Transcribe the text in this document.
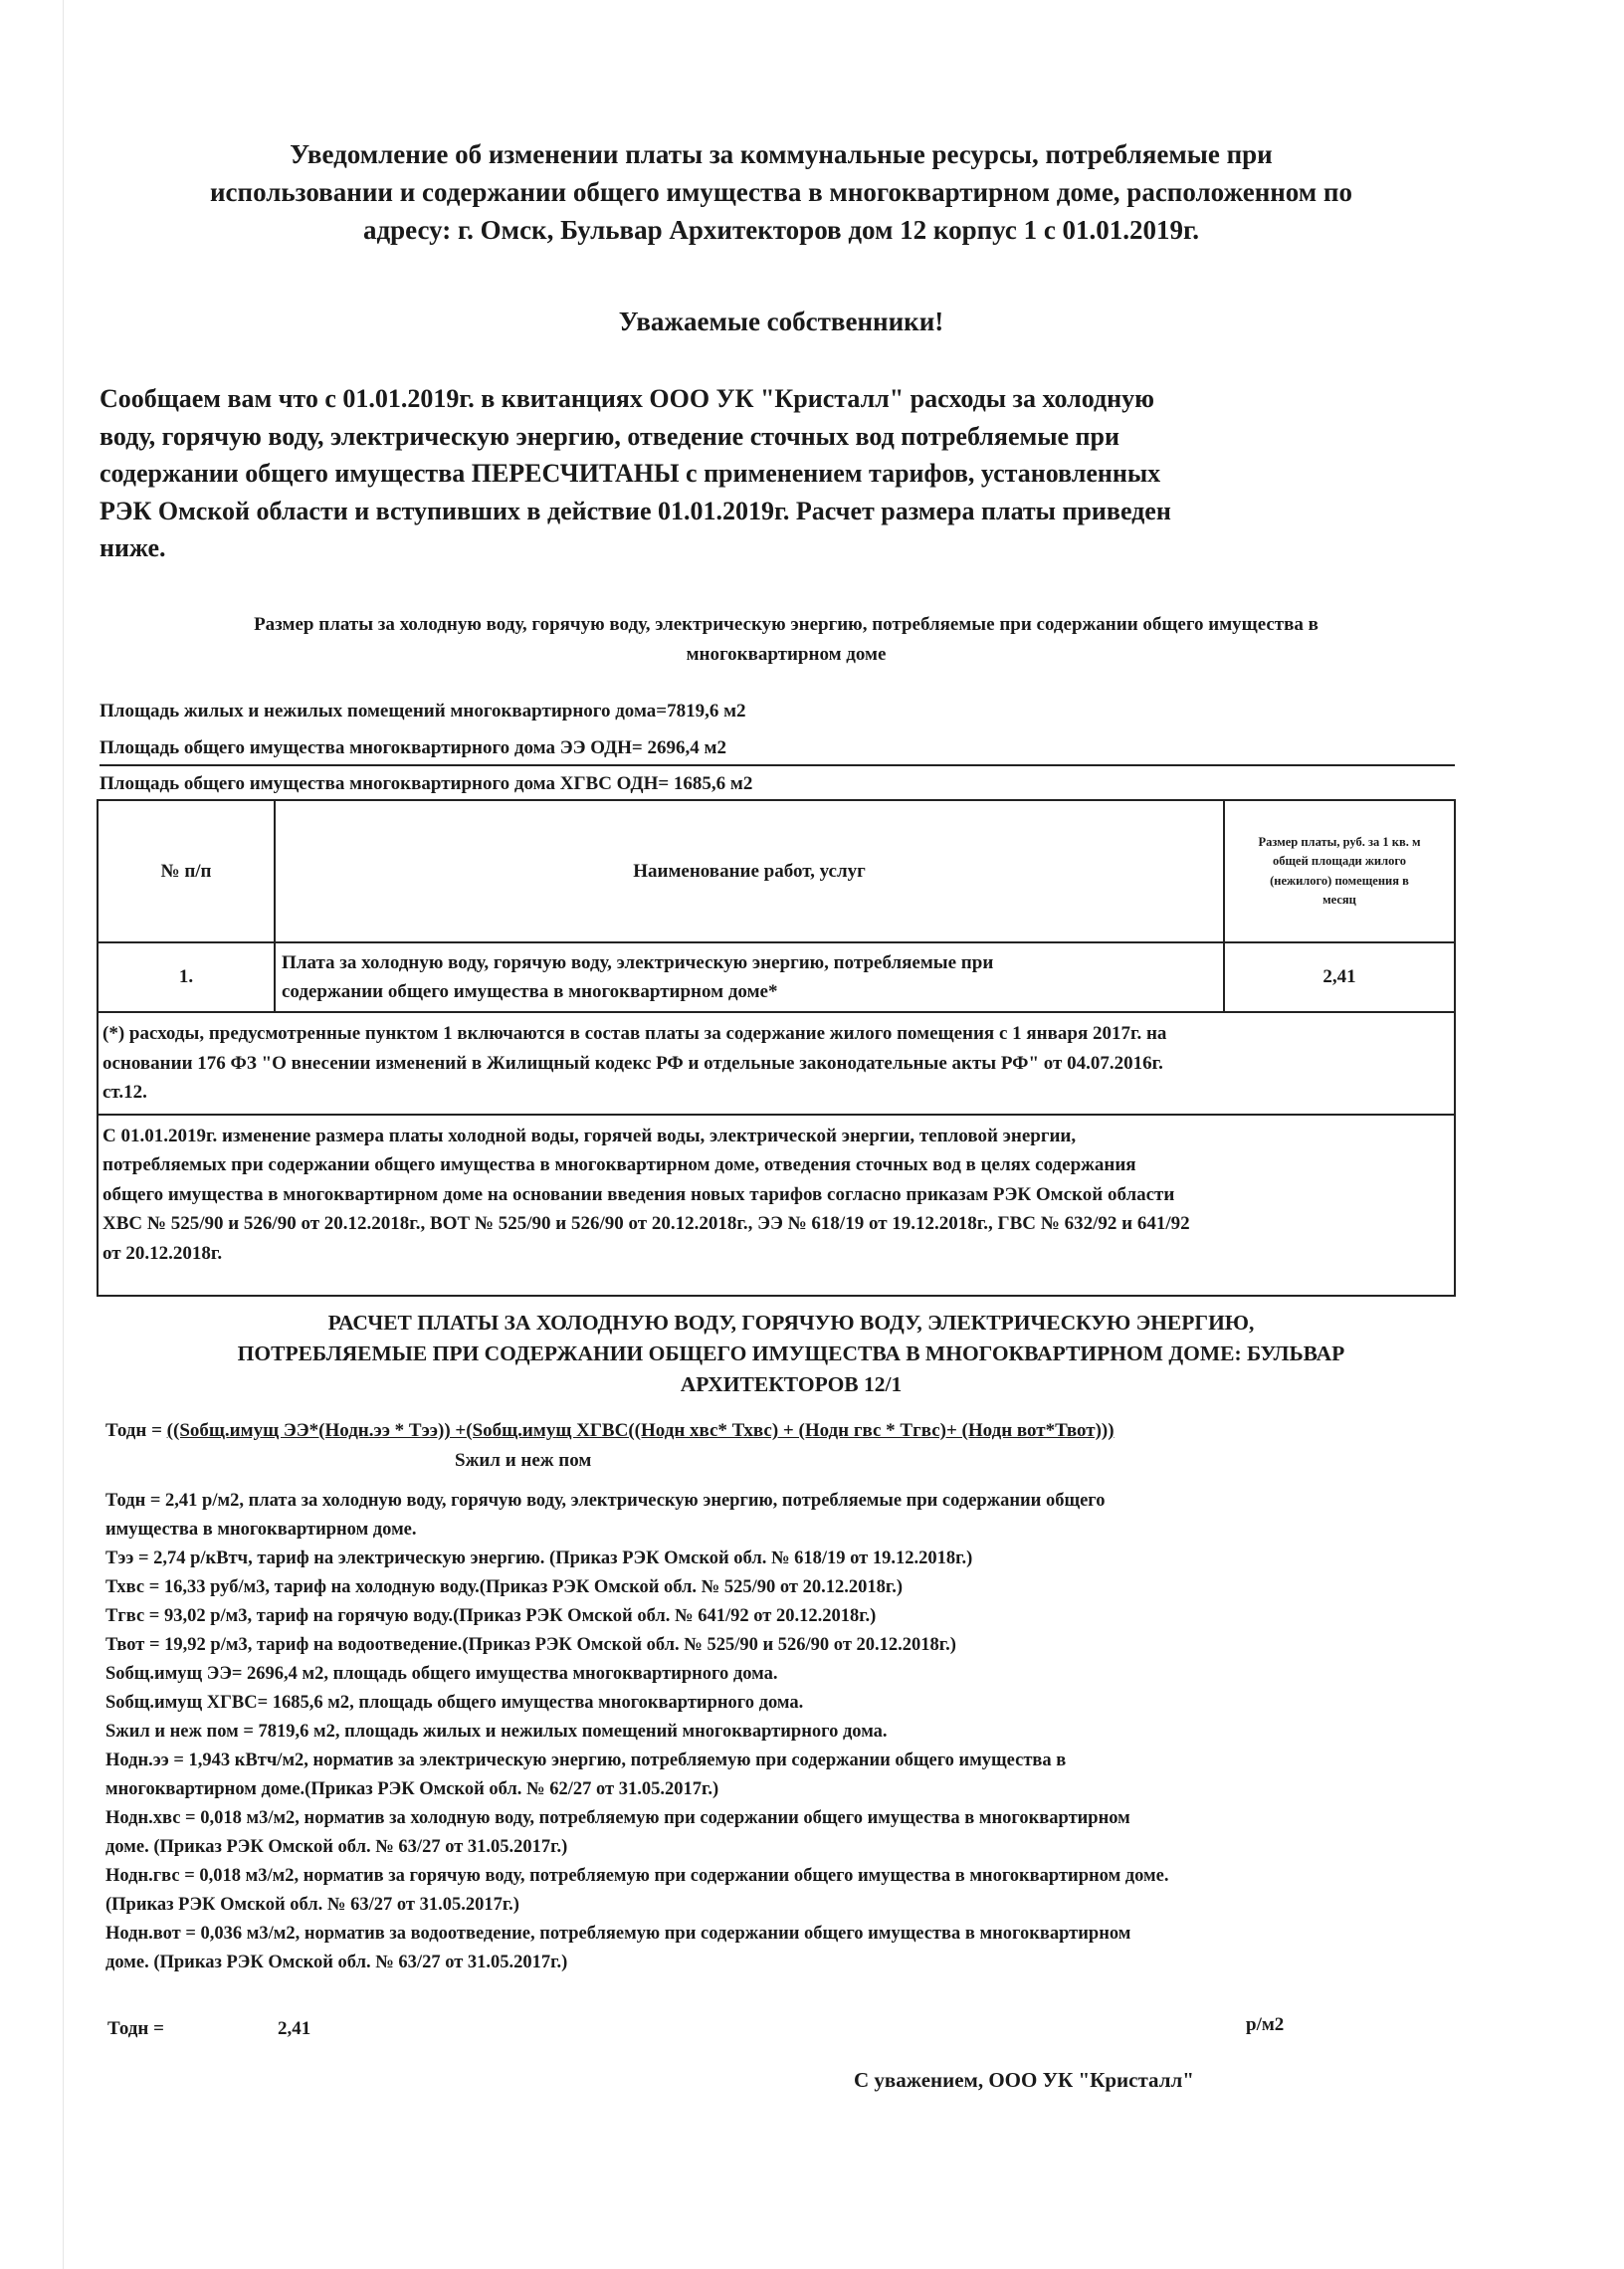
Уведомление об изменении платы за коммунальные ресурсы, потребляемые при
использовании и содержании общего имущества в многоквартирном доме, расположенном по
адресу: г. Омск, Бульвар Архитекторов дом 12 корпус 1 с 01.01.2019г.
Уважаемые собственники!
Сообщаем вам что с 01.01.2019г. в квитанциях ООО УК "Кристалл" расходы за холодную
воду, горячую воду, электрическую энергию, отведение сточных вод потребляемые при
содержании общего имущества ПЕРЕСЧИТАНЫ с применением тарифов, установленных
РЭК Омской области и вступивших в действие 01.01.2019г. Расчет размера платы приведен
ниже.
Размер платы за холодную воду, горячую воду, электрическую энергию, потребляемые при содержании общего имущества в
многоквартирном доме
Площадь жилых и нежилых помещений многоквартирного дома=7819,6 м2
Площадь общего имущества многоквартирного дома ЭЭ ОДН= 2696,4 м2
Площадь общего имущества многоквартирного дома ХГВС ОДН= 1685,6 м2
№ п/п	Наименование работ, услуг	Размер платы, руб. за 1 кв. м
общей площади жилого
(нежилого) помещения в
месяц

1.	Плата за холодную воду, горячую воду, электрическую энергию, потребляемые при
содержании общего имущества в многоквартирном доме*	2,41

(*) расходы, предусмотренные пунктом 1 включаются в состав платы за содержание жилого помещения с 1 января 2017г. на
основании 176 ФЗ "О внесении изменений в Жилищный кодекс РФ и отдельные законодательные акты РФ" от 04.07.2016г.
ст.12.		

С 01.01.2019г. изменение размера платы холодной воды, горячей воды, электрической энергии, тепловой энергии,
потребляемых при содержании общего имущества в многоквартирном доме, отведения сточных вод в целях содержания
общего имущества в многоквартирном доме на основании введения новых тарифов согласно приказам РЭК Омской области
ХВС № 525/90 и 526/90 от 20.12.2018г., ВОТ № 525/90 и 526/90 от 20.12.2018г., ЭЭ № 618/19 от 19.12.2018г., ГВС № 632/92 и 641/92
от 20.12.2018г.		
РАСЧЕТ ПЛАТЫ ЗА ХОЛОДНУЮ ВОДУ, ГОРЯЧУЮ ВОДУ, ЭЛЕКТРИЧЕСКУЮ ЭНЕРГИЮ,
ПОТРЕБЛЯЕМЫЕ ПРИ СОДЕРЖАНИИ ОБЩЕГО ИМУЩЕСТВА В МНОГОКВАРТИРНОМ ДОМЕ: БУЛЬВАР
АРХИТЕКТОРОВ 12/1
Тодн = ((Sобщ.имущ ЭЭ*(Нодн.ээ * Тээ)) +(Sобщ.имущ ХГВС((Нодн хвс* Тхвс) + (Нодн гвс * Тгвс)+ (Нодн вот*Твот)))
Sжил и неж пом
Тодн = 2,41 р/м2, плата за холодную воду, горячую воду, электрическую энергию, потребляемые при содержании общего
имущества в многоквартирном доме.
Тээ = 2,74 р/кВтч, тариф на электрическую энергию. (Приказ РЭК Омской обл. № 618/19 от 19.12.2018г.)
Тхвс = 16,33 руб/м3, тариф на холодную воду.(Приказ РЭК Омской обл. № 525/90 от 20.12.2018г.)
Тгвс = 93,02 р/м3, тариф на горячую воду.(Приказ РЭК Омской обл. № 641/92 от 20.12.2018г.)
Твот = 19,92 р/м3, тариф на водоотведение.(Приказ РЭК Омской обл. № 525/90 и 526/90 от 20.12.2018г.)
Sобщ.имущ ЭЭ= 2696,4 м2, площадь общего имущества многоквартирного дома.
Sобщ.имущ ХГВС= 1685,6 м2, площадь общего имущества многоквартирного дома.
Sжил и неж пом = 7819,6 м2, площадь жилых и нежилых помещений многоквартирного дома.
Нодн.ээ = 1,943 кВтч/м2, норматив за электрическую энергию, потребляемую при содержании общего имущества в
многоквартирном доме.(Приказ РЭК Омской обл. № 62/27 от 31.05.2017г.)
Нодн.хвс = 0,018 м3/м2, норматив за холодную воду, потребляемую при содержании общего имущества в многоквартирном
доме. (Приказ РЭК Омской обл. № 63/27 от 31.05.2017г.)
Нодн.гвс = 0,018 м3/м2, норматив за горячую воду, потребляемую при содержании общего имущества в многоквартирном доме.
(Приказ РЭК Омской обл. № 63/27 от 31.05.2017г.)
Нодн.вот = 0,036 м3/м2, норматив за водоотведение, потребляемую при содержании общего имущества в многоквартирном
доме. (Приказ РЭК Омской обл. № 63/27 от 31.05.2017г.)
Тодн =	2,41	р/м2
С уважением, ООО УК "Кристалл"
